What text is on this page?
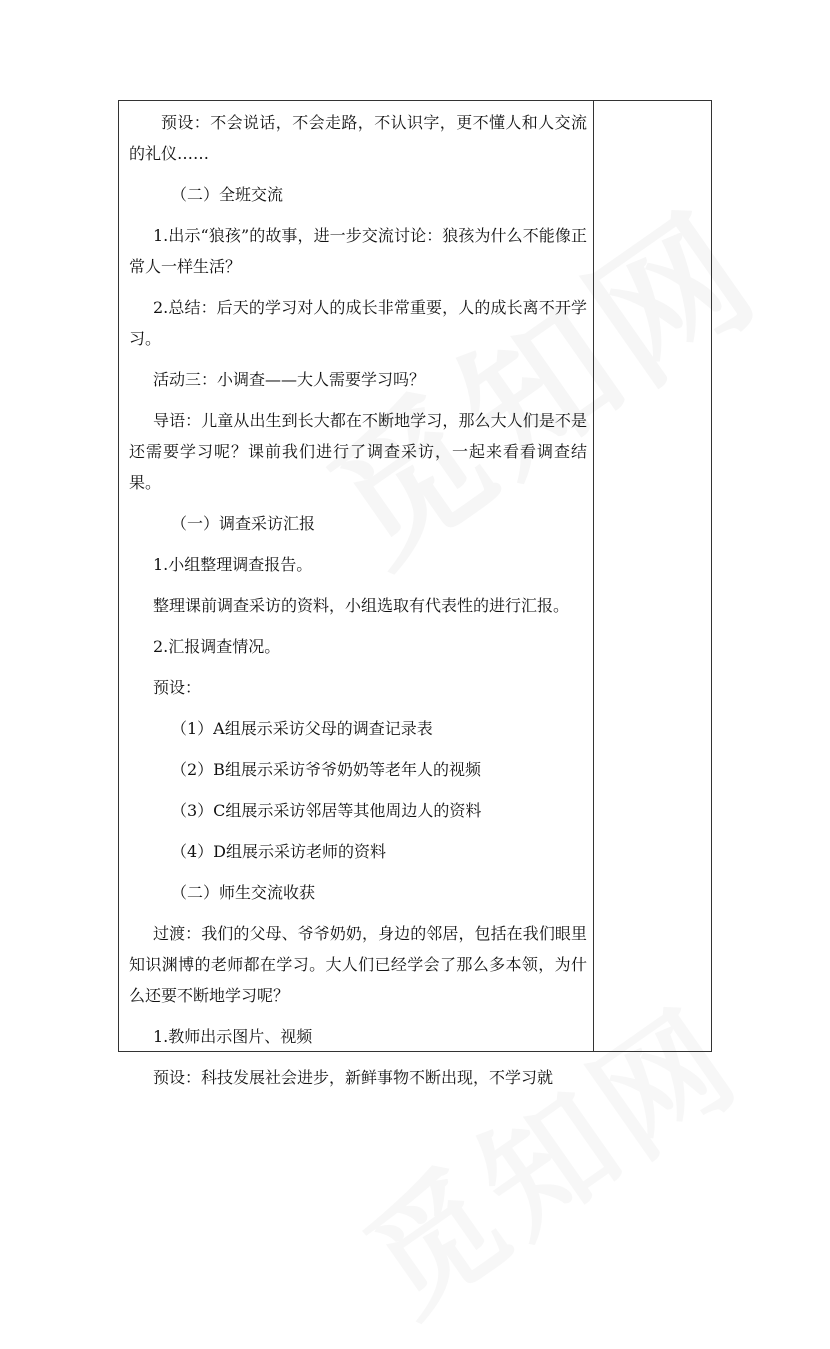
预设：不会说话，不会走路，不认识字，更不懂人和人交流的礼仪……

（二）全班交流

1.出示“狼孩”的故事，进一步交流讨论：狼孩为什么不能像正常人一样生活？

2.总结：后天的学习对人的成长非常重要，人的成长离不开学习。

活动三：小调查——大人需要学习吗？

导语：儿童从出生到长大都在不断地学习，那么大人们是不是还需要学习呢？课前我们进行了调查采访，一起来看看调查结果。

（一）调查采访汇报

1.小组整理调查报告。

整理课前调查采访的资料，小组选取有代表性的进行汇报。

2.汇报调查情况。

预设：

（1）A组展示采访父母的调查记录表

（2）B组展示采访爷爷奶奶等老年人的视频

（3）C组展示采访邻居等其他周边人的资料

（4）D组展示采访老师的资料

（二）师生交流收获

过渡：我们的父母、爷爷奶奶，身边的邻居，包括在我们眼里知识渊博的老师都在学习。大人们已经学会了那么多本领，为什么还要不断地学习呢？

1.教师出示图片、视频

预设：科技发展社会进步，新鲜事物不断出现，不学习就
